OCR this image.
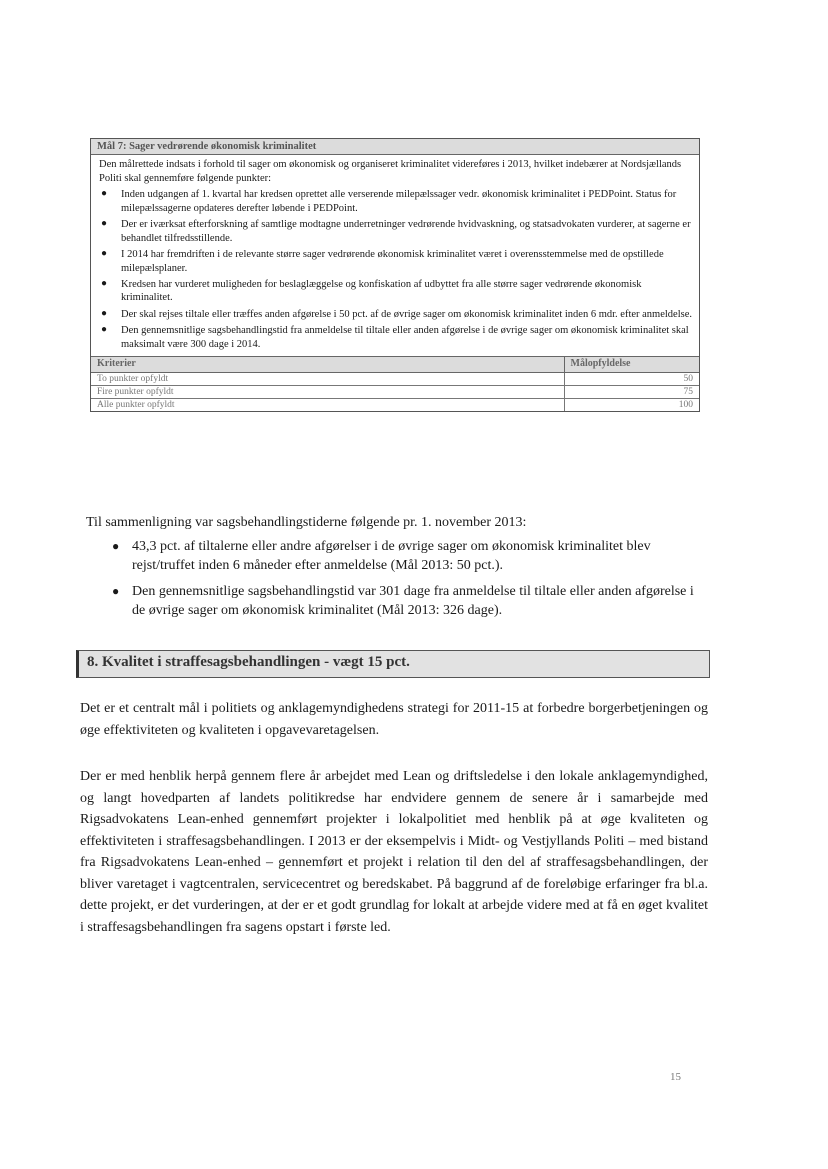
Mål 7: Sager vedrørende økonomisk kriminalitet
Den målrettede indsats i forhold til sager om økonomisk og organiseret kriminalitet videreføres i 2013, hvilket indebærer at Nordsjællands Politi skal gennemføre følgende punkter:
● Inden udgangen af 1. kvartal har kredsen oprettet alle verserende milepælssager vedr. økonomisk kriminalitet i PEDPoint. Status for milepælssagerne opdateres derefter løbende i PEDPoint.
● Der er iværksat efterforskning af samtlige modtagne underretninger vedrørende hvidvaskning, og statsadvokaten vurderer, at sagerne er behandlet tilfredsstillende.
● I 2014 har fremdriften i de relevante større sager vedrørende økonomisk kriminalitet været i overensstemmelse med de opstillede milepælsplaner.
● Kredsen har vurderet muligheden for beslaglæggelse og konfiskation af udbyttet fra alle større sager vedrørende økonomisk kriminalitet.
● Der skal rejses tiltale eller træffes anden afgørelse i 50 pct. af de øvrige sager om økonomisk kriminalitet inden 6 mdr. efter anmeldelse.
● Den gennemsnitlige sagsbehandlingstid fra anmeldelse til tiltale eller anden afgørelse i de øvrige sager om økonomisk kriminalitet skal maksimalt være 300 dage i 2014.
Kriterier	Målopfyldelse
To punkter opfyldt	50
Fire punkter opfyldt	75
Alle punkter opfyldt	100
Til sammenligning var sagsbehandlingstiderne følgende pr. 1. november 2013:
● 43,3 pct. af tiltalerne eller andre afgørelser i de øvrige sager om økonomisk kriminalitet blev rejst/truffet inden 6 måneder efter anmeldelse (Mål 2013: 50 pct.).
● Den gennemsnitlige sagsbehandlingstid var 301 dage fra anmeldelse til tiltale eller anden afgørelse i de øvrige sager om økonomisk kriminalitet (Mål 2013: 326 dage).
8. Kvalitet i straffesagsbehandlingen - vægt 15 pct.
Det er et centralt mål i politiets og anklagemyndighedens strategi for 2011-15 at forbedre borgerbetjeningen og øge effektiviteten og kvaliteten i opgavevaretagelsen.
Der er med henblik herpå gennem flere år arbejdet med Lean og driftsledelse i den lokale anklagemyndighed, og langt hovedparten af landets politikredse har endvidere gennem de senere år i samarbejde med Rigsadvokatens Lean-enhed gennemført projekter i lokalpolitiet med henblik på at øge kvaliteten og effektiviteten i straffesagsbehandlingen. I 2013 er der eksempelvis i Midt- og Vestjyllands Politi – med bistand fra Rigsadvokatens Lean-enhed – gennemført et projekt i relation til den del af straffesagsbehandlingen, der bliver varetaget i vagtcentralen, servicecentret og beredskabet. På baggrund af de foreløbige erfaringer fra bl.a. dette projekt, er det vurderingen, at der er et godt grundlag for lokalt at arbejde videre med at få en øget kvalitet i straffesagsbehandlingen fra sagens opstart i første led.
15
